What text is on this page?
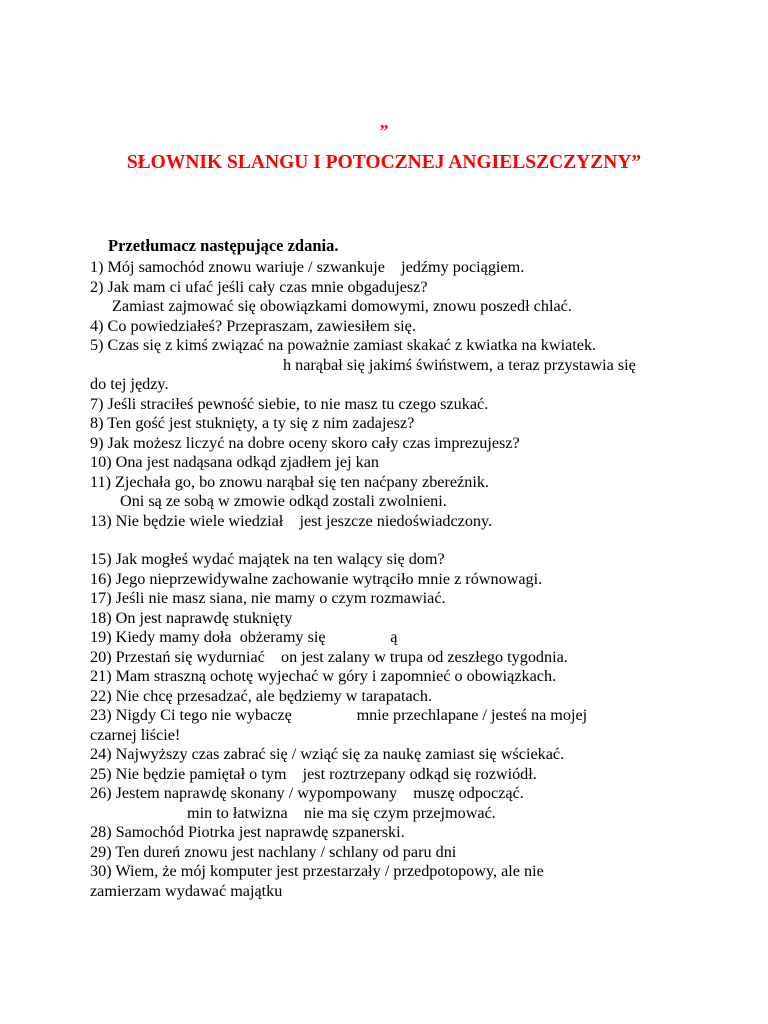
”
SŁOWNIK SLANGU I POTOCZNEJ ANGIELSZCZYZNY”
Przetłumacz następujące zdania.
1) Mój samochód znowu wariuje / szwankuje    jedźmy pociągiem.
2) Jak mam ci ufać jeśli cały czas mnie obgadujesz?
Zamiast zajmować się obowiązkami domowymi, znowu poszedł chlać.
4) Co powiedziałeś? Przepraszam, zawiesiłem się.
5) Czas się z kimś związać na poważnie zamiast skakać z kwiatka na kwiatek.
h narąbał się jakimś świństwem, a teraz przystawia się
do tej jędzy.
7) Jeśli straciłeś pewność siebie, to nie masz tu czego szukać.
8) Ten gość jest stuknięty, a ty się z nim zadajesz?
9) Jak możesz liczyć na dobre oceny skoro cały czas imprezujesz?
10) Ona jest nadąsana odkąd zjadłem jej kan
11) Zjechała go, bo znowu narąbał się ten naćpany zbereźnik.
Oni są ze sobą w zmowie odkąd zostali zwolnieni.
13) Nie będzie wiele wiedział    jest jeszcze niedoświadczony.
15) Jak mogłeś wydać majątek na ten walący się dom?
16) Jego nieprzewidywalne zachowanie wytrąciło mnie z równowagi.
17) Jeśli nie masz siana, nie mamy o czym rozmawiać.
18) On jest naprawdę stuknięty
19) Kiedy mamy doła  obżeramy się                ą
20) Przestań się wydurniać    on jest zalany w trupa od zeszłego tygodnia.
21) Mam straszną ochotę wyjechać w góry i zapomnieć o obowiązkach.
22) Nie chcę przesadzać, ale będziemy w tarapatach.
23) Nigdy Ci tego nie wybaczę                mnie przechlapane / jesteś na mojej
czarnej liście!
24) Najwyższy czas zabrać się / wziąć się za naukę zamiast się wściekać.
25) Nie będzie pamiętał o tym    jest roztrzepany odkąd się rozwiódł.
26) Jestem naprawdę skonany / wypompowany    muszę odpocząć.
min to łatwizna    nie ma się czym przejmować.
28) Samochód Piotrka jest naprawdę szpanerski.
29) Ten dureń znowu jest nachlany / schlany od paru dni
30) Wiem, że mój komputer jest przestarzały / przedpotopowy, ale nie
zamierzam wydawać majątku
